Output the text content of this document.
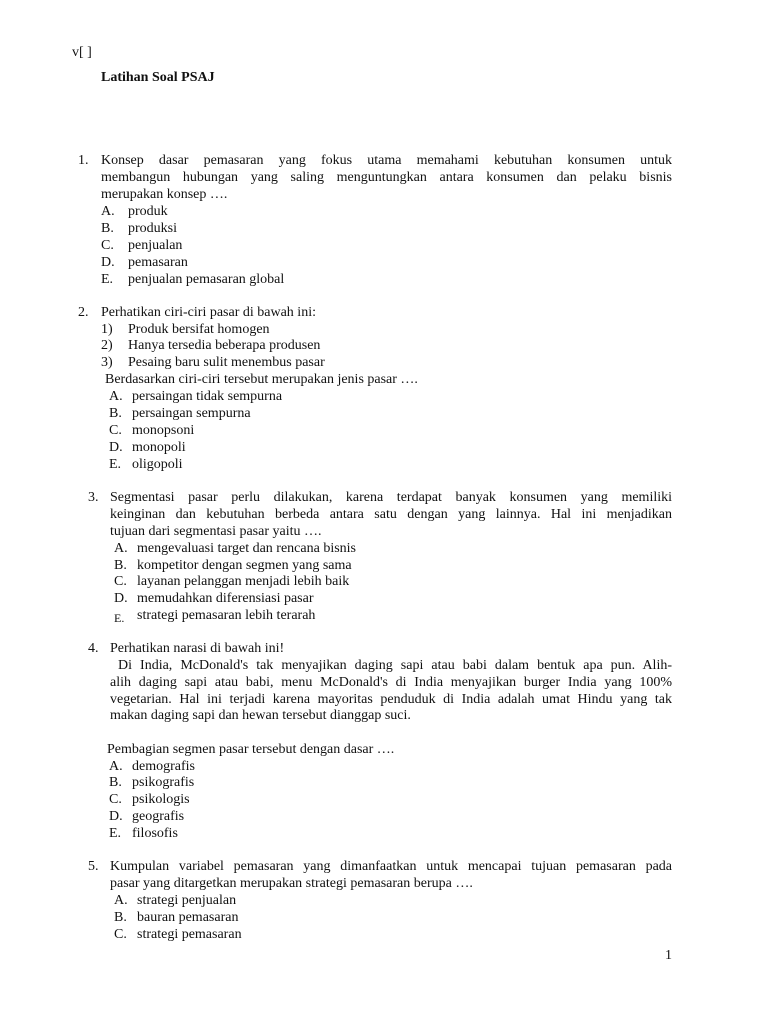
v[ ]
Latihan Soal PSAJ
1. Konsep dasar pemasaran yang fokus utama memahami kebutuhan konsumen untuk
membangun hubungan yang saling menguntungkan antara konsumen dan pelaku bisnis
merupakan konsep ….
A. produk
B. produksi
C. penjualan
D. pemasaran
E. penjualan pemasaran global
2. Perhatikan ciri-ciri pasar di bawah ini:
1) Produk bersifat homogen
2) Hanya tersedia beberapa produsen
3) Pesaing baru sulit menembus pasar
Berdasarkan ciri-ciri tersebut merupakan jenis pasar ….
A. persaingan tidak sempurna
B. persaingan sempurna
C. monopsoni
D. monopoli
E. oligopoli
3. Segmentasi pasar perlu dilakukan, karena terdapat banyak konsumen yang memiliki
keinginan dan kebutuhan berbeda antara satu dengan yang lainnya. Hal ini menjadikan
tujuan dari segmentasi pasar yaitu ….
A. mengevaluasi target dan rencana bisnis
B. kompetitor dengan segmen yang sama
C. layanan pelanggan menjadi lebih baik
D. memudahkan diferensiasi pasar
E. strategi pemasaran lebih terarah
4. Perhatikan narasi di bawah ini!
Di India, McDonald's tak menyajikan daging sapi atau babi dalam bentuk apa pun. Alih-
alih daging sapi atau babi, menu McDonald's di India menyajikan burger India yang 100%
vegetarian. Hal ini terjadi karena mayoritas penduduk di India adalah umat Hindu yang tak
makan daging sapi dan hewan tersebut dianggap suci.
Pembagian segmen pasar tersebut dengan dasar ….
A. demografis
B. psikografis
C. psikologis
D. geografis
E. filosofis
5. Kumpulan variabel pemasaran yang dimanfaatkan untuk mencapai tujuan pemasaran pada
pasar yang ditargetkan merupakan strategi pemasaran berupa ….
A. strategi penjualan
B. bauran pemasaran
C. strategi pemasaran
1
